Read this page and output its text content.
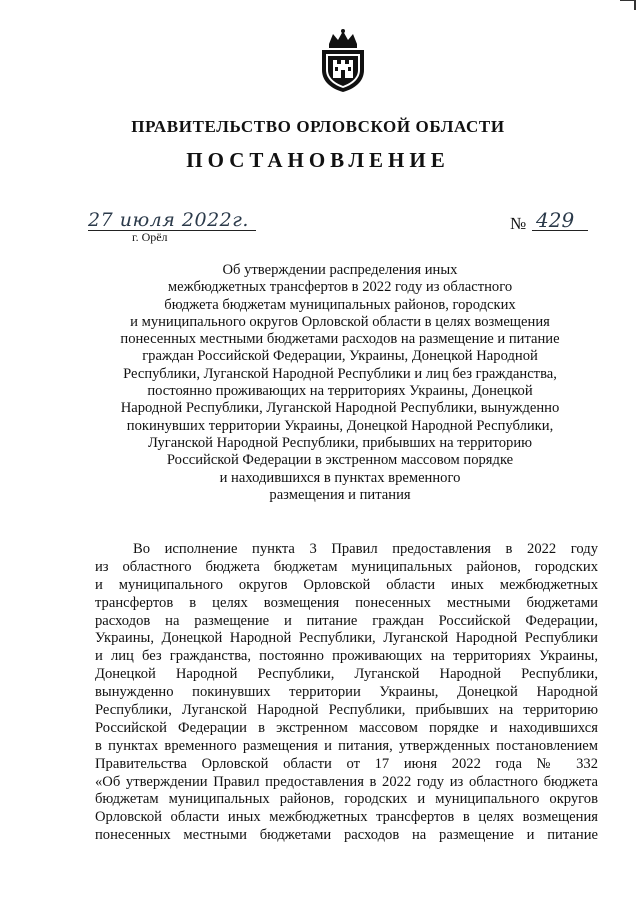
ПРАВИТЕЛЬСТВО ОРЛОВСКОЙ ОБЛАСТИ
ПОСТАНОВЛЕНИЕ
27 июля 2022г.
г. Орёл
№ 429
Об утверждении распределения иных
межбюджетных трансфертов в 2022 году из областного
бюджета бюджетам муниципальных районов, городских
и муниципального округов Орловской области в целях возмещения
понесенных местными бюджетами расходов на размещение и питание
граждан Российской Федерации, Украины, Донецкой Народной
Республики, Луганской Народной Республики и лиц без гражданства,
постоянно проживающих на территориях Украины, Донецкой
Народной Республики, Луганской Народной Республики, вынужденно
покинувших территории Украины, Донецкой Народной Республики,
Луганской Народной Республики, прибывших на территорию
Российской Федерации в экстренном массовом порядке
и находившихся в пунктах временного
размещения и питания
Во исполнение пункта 3 Правил предоставления в 2022 году
из областного бюджета бюджетам муниципальных районов, городских
и муниципального округов Орловской области иных межбюджетных
трансфертов в целях возмещения понесенных местными бюджетами
расходов на размещение и питание граждан Российской Федерации,
Украины, Донецкой Народной Республики, Луганской Народной Республики
и лиц без гражданства, постоянно проживающих на территориях Украины,
Донецкой Народной Республики, Луганской Народной Республики,
вынужденно покинувших территории Украины, Донецкой Народной
Республики, Луганской Народной Республики, прибывших на территорию
Российской Федерации в экстренном массовом порядке и находившихся
в пунктах временного размещения и питания, утвержденных постановлением
Правительства Орловской области от 17 июня 2022 года № 332
«Об утверждении Правил предоставления в 2022 году из областного бюджета
бюджетам муниципальных районов, городских и муниципального округов
Орловской области иных межбюджетных трансфертов в целях возмещения
понесенных местными бюджетами расходов на размещение и питание
